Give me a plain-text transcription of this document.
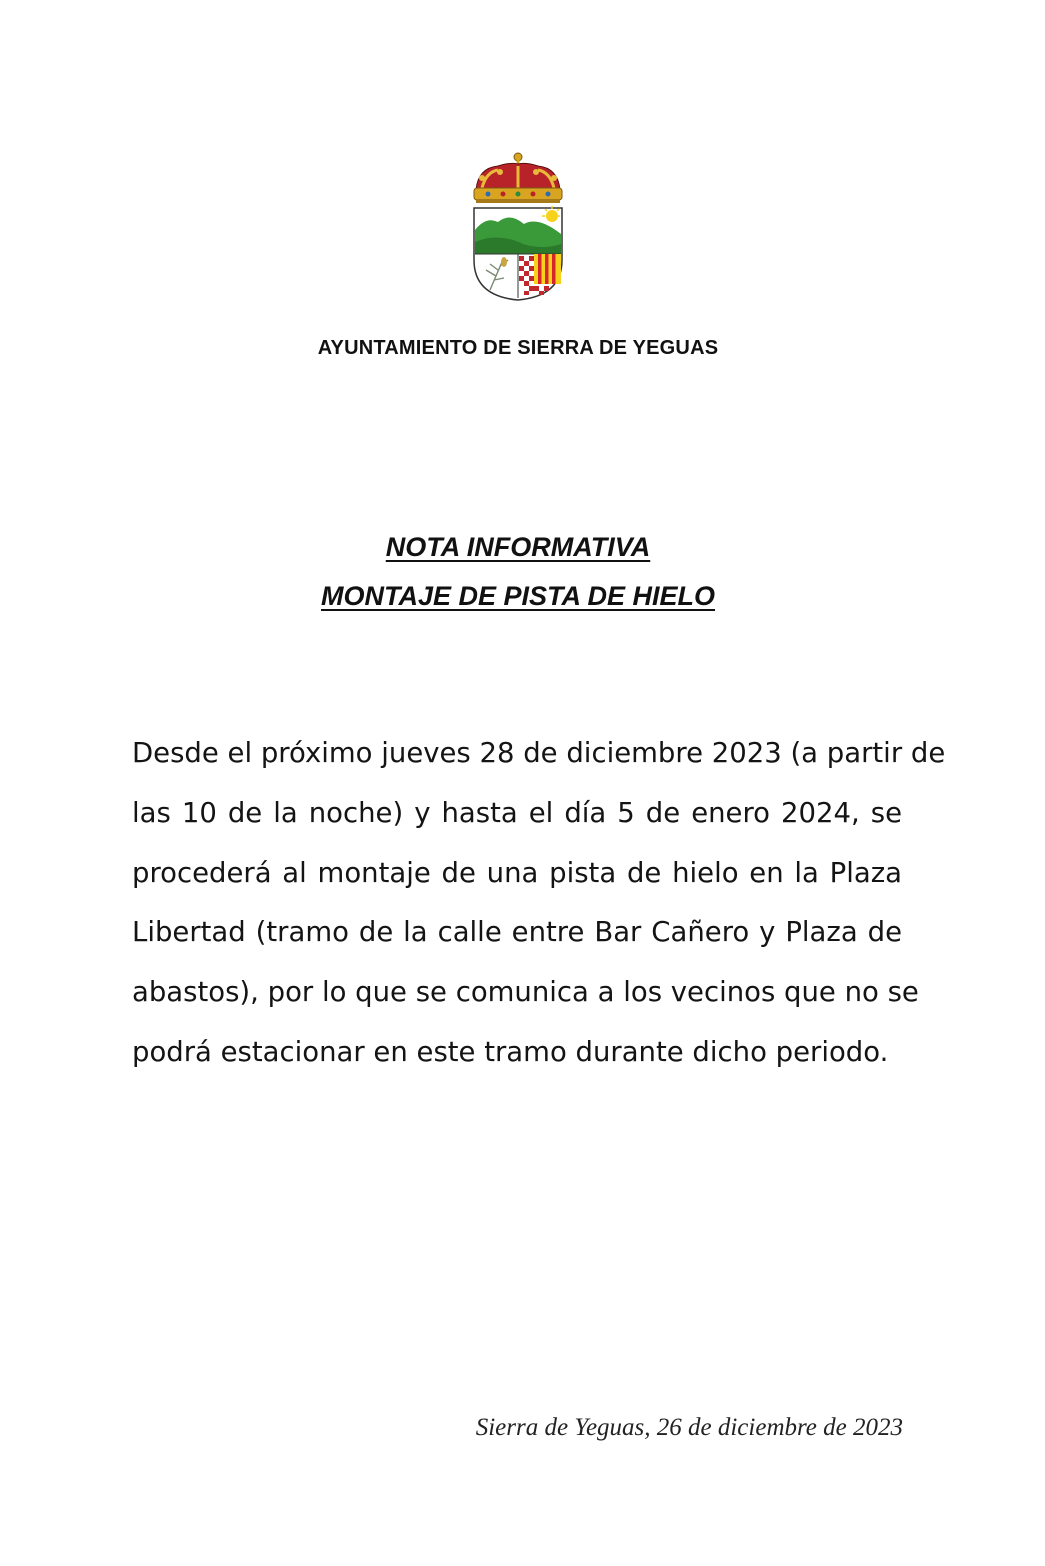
AYUNTAMIENTO DE SIERRA DE YEGUAS
NOTA INFORMATIVA
MONTAJE DE PISTA DE HIELO
Desde el próximo jueves 28 de diciembre 2023 (a partir de
las 10 de la noche) y hasta el día 5 de enero 2024, se
procederá al montaje de una pista de hielo en la Plaza
Libertad (tramo de la calle entre Bar Cañero y Plaza de
abastos), por lo que se comunica a los vecinos que no se
podrá estacionar en este tramo durante dicho periodo.
Sierra de Yeguas, 26 de diciembre de 2023
